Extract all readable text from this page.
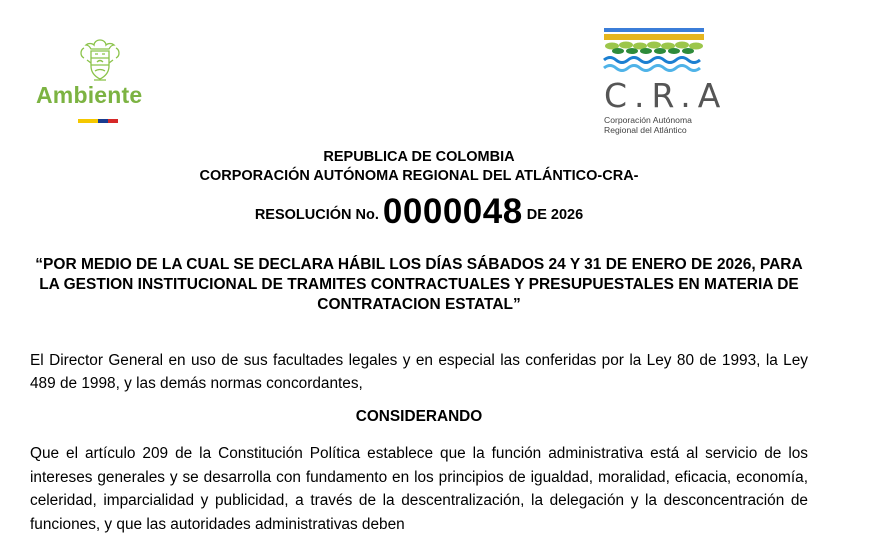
Ambiente	C.R.A
Corporación Autónoma
Regional del Atlántico
REPUBLICA DE COLOMBIA
CORPORACIÓN AUTÓNOMA REGIONAL DEL ATLÁNTICO-CRA-
RESOLUCIÓN No. 0000048 DE 2026
“POR MEDIO DE LA CUAL SE DECLARA HÁBIL LOS DÍAS SÁBADOS 24 Y 31 DE ENERO DE 2026, PARA LA GESTION INSTITUCIONAL DE TRAMITES CONTRACTUALES Y PRESUPUESTALES EN MATERIA DE CONTRATACION ESTATAL”
El Director General en uso de sus facultades legales y en especial las conferidas por la Ley 80 de 1993, la Ley 489 de 1998, y las demás normas concordantes,
CONSIDERANDO
Que el artículo 209 de la Constitución Política establece que la función administrativa está al servicio de los intereses generales y se desarrolla con fundamento en los principios de igualdad, moralidad, eficacia, economía, celeridad, imparcialidad y publicidad, a través de la descentralización, la delegación y la desconcentración de funciones, y que las autoridades administrativas deben
